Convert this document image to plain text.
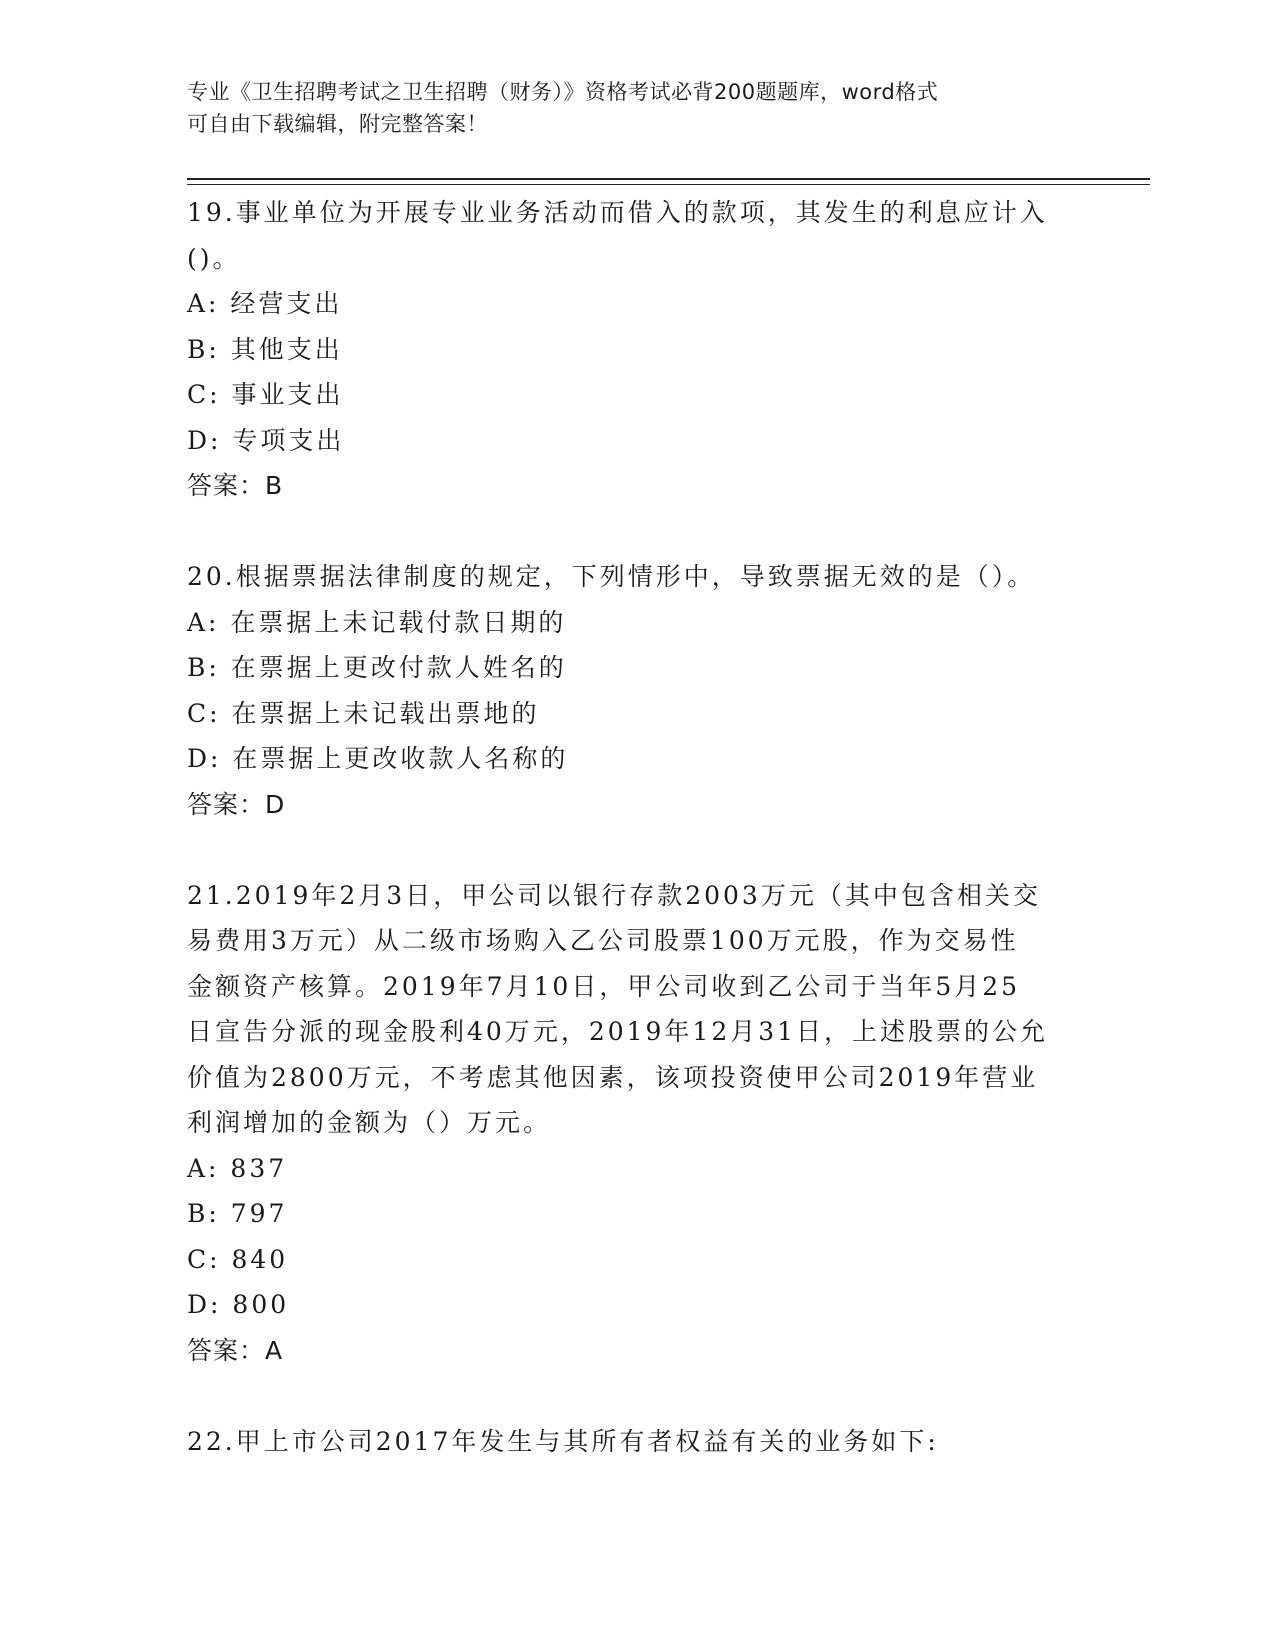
专业《卫生招聘考试之卫生招聘（财务）》资格考试必背200题题库，word格式
可自由下载编辑，附完整答案！
19.事业单位为开展专业业务活动而借入的款项，其发生的利息应计入
()。
A: 经营支出
B: 其他支出
C: 事业支出
D: 专项支出
答案：B
20.根据票据法律制度的规定，下列情形中，导致票据无效的是（）。
A: 在票据上未记载付款日期的
B: 在票据上更改付款人姓名的
C: 在票据上未记载出票地的
D: 在票据上更改收款人名称的
答案：D
21.2019年2月3日，甲公司以银行存款2003万元（其中包含相关交
易费用3万元）从二级市场购入乙公司股票100万元股，作为交易性
金额资产核算。2019年7月10日，甲公司收到乙公司于当年5月25
日宣告分派的现金股利40万元，2019年12月31日，上述股票的公允
价值为2800万元，不考虑其他因素，该项投资使甲公司2019年营业
利润增加的金额为（）万元。
A: 837
B: 797
C: 840
D: 800
答案：A
22.甲上市公司2017年发生与其所有者权益有关的业务如下:
